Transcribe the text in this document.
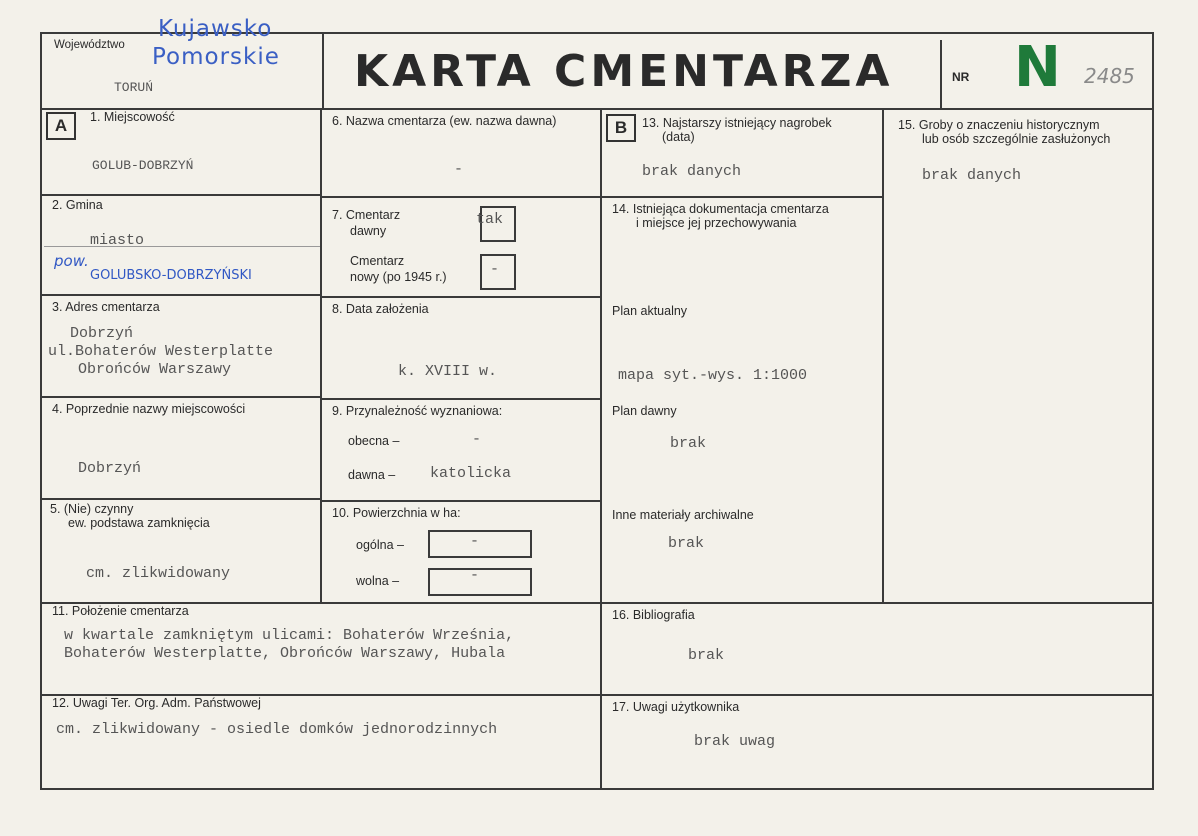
Województwo
Kujawsko
Pomorskie
TORUŃ	KARTA CMENTARZA	NR N 2485
A	B
1. Miejscowość
GOLUB-DOBRZYŃ
2. Gmina
miasto
pow.
GOLUBSKO-DOBRZYŃSKI
3. Adres cmentarza
Dobrzyń
ul.Bohaterów Westerplatte
Obrońców Warszawy
4. Poprzednie nazwy miejscowości
Dobrzyń
5. (Nie) czynny
ew. podstawa zamknięcia
cm. zlikwidowany
6. Nazwa cmentarza (ew. nazwa dawna)
-
7. Cmentarz
dawny
tak
Cmentarz
nowy (po 1945 r.)	-
8. Data założenia
k. XVIII w.
9. Przynależność wyznaniowa:
obecna –	-
dawna – katolicka
10. Powierzchnia w ha:
ogólna –	-
wolna –	-
13. Najstarszy istniejący nagrobek
(data)
brak danych
14. Istniejąca dokumentacja cmentarza
i miejsce jej przechowywania
Plan aktualny
mapa syt.-wys. 1:1000
Plan dawny
brak
Inne materiały archiwalne
brak
15. Groby o znaczeniu historycznym
lub osób szczególnie zasłużonych
brak danych
11. Położenie cmentarza
w kwartale zamkniętym ulicami: Bohaterów Września,
Bohaterów Westerplatte, Obrońców Warszawy, Hubala
12. Uwagi Ter. Org. Adm. Państwowej
cm. zlikwidowany - osiedle domków jednorodzinnych
16. Bibliografia
brak
17. Uwagi użytkownika
brak uwag
